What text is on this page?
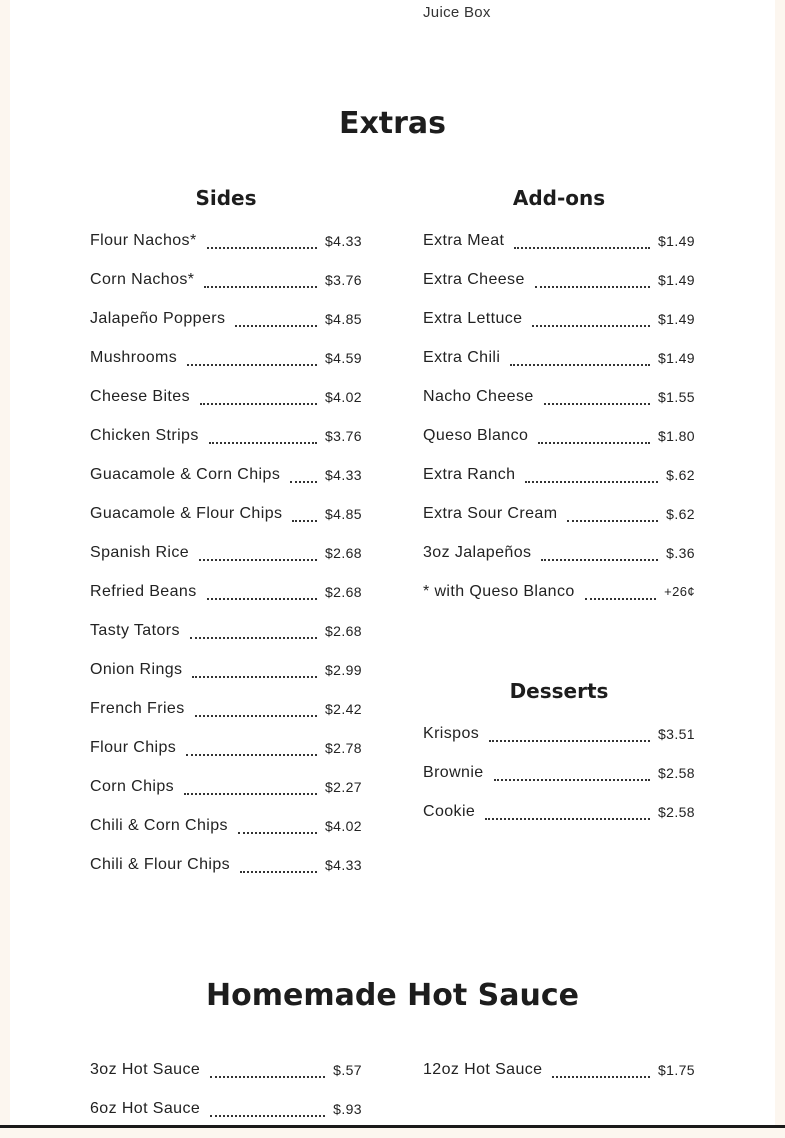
Juice Box
Extras
Sides
Flour Nachos*	$4.33
Corn Nachos*	$3.76
Jalapeño Poppers	$4.85
Mushrooms	$4.59
Cheese Bites	$4.02
Chicken Strips	$3.76
Guacamole & Corn Chips	$4.33
Guacamole & Flour Chips	$4.85
Spanish Rice	$2.68
Refried Beans	$2.68
Tasty Tators	$2.68
Onion Rings	$2.99
French Fries	$2.42
Flour Chips	$2.78
Corn Chips	$2.27
Chili & Corn Chips	$4.02
Chili & Flour Chips	$4.33
Add-ons
Extra Meat	$1.49
Extra Cheese	$1.49
Extra Lettuce	$1.49
Extra Chili	$1.49
Nacho Cheese	$1.55
Queso Blanco	$1.80
Extra Ranch	$.62
Extra Sour Cream	$.62
3oz Jalapeños	$.36
* with Queso Blanco	+26¢
Desserts
Krispos	$3.51
Brownie	$2.58
Cookie	$2.58
Homemade Hot Sauce
3oz Hot Sauce	$.57
6oz Hot Sauce	$.93
12oz Hot Sauce	$1.75
